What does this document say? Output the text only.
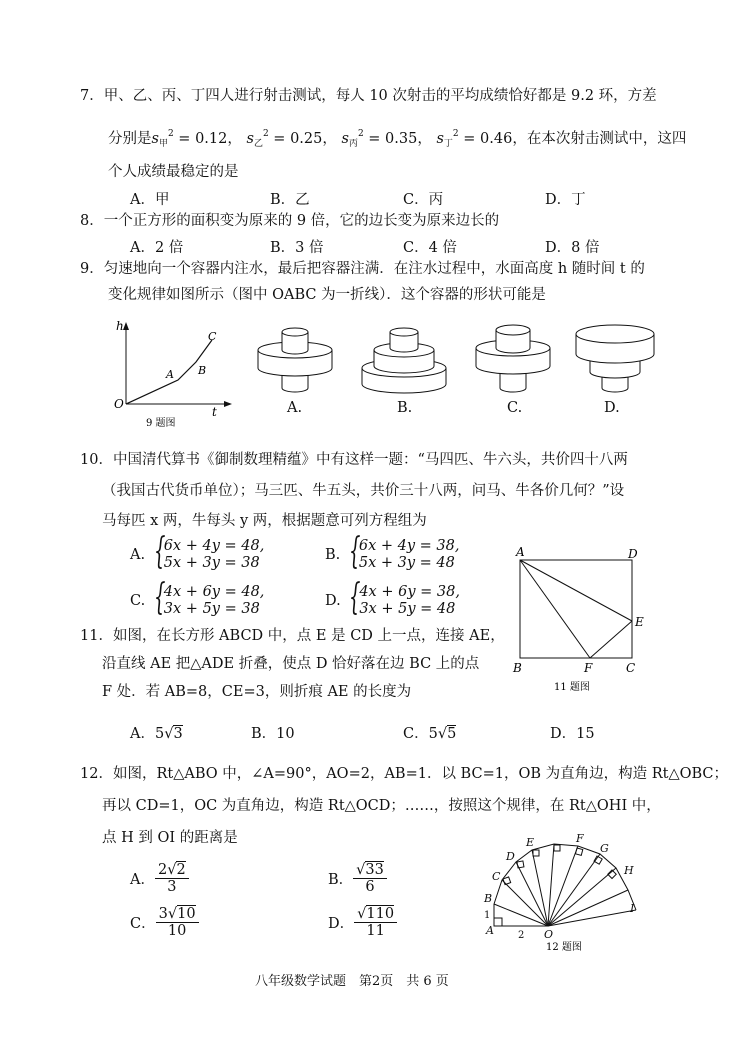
7．甲、乙、丙、丁四人进行射击测试，每人 10 次射击的平均成绩恰好都是 9.2 环，方差
分别是$s_甲^2 = 0.12$， $s_乙^2 = 0.25$， $s_丙^2 = 0.35$， $s_丁^2 = 0.46$，在本次射击测试中，这四
个人成绩最稳定的是
A．甲	B．乙	C．丙	D．丁
8．一个正方形的面积变为原来的 9 倍，它的边长变为原来边长的
A．2 倍	B．3 倍	C．4 倍	D．8 倍
9．匀速地向一个容器内注水，最后把容器注满．在注水过程中，水面高度 h 随时间 t 的
变化规律如图所示（图中 OABC 为一折线）．这个容器的形状可能是
h
t
O
A B
C
9 题图
A.	B.	C.	D.
10．中国清代算书《御制数理精蕴》中有这样一题：“马四匹、牛六头，共价四十八两
（我国古代货币单位）；马三匹、牛五头，共价三十八两，问马、牛各价几何？”设
马每匹 x 两，牛每头 y 两，根据题意可列方程组为
A. {
6x + 4y = 48,
5x + 3y = 38	B. {
6x + 4y = 38,
5x + 3y = 48
C. {
4x + 6y = 48,
3x + 5y = 38	D. {
4x + 6y = 38,
3x + 5y = 48
11．如图，在长方形 ABCD 中，点 E 是 CD 上一点，连接 AE，
沿直线 AE 把△ADE 折叠，使点 D 恰好落在边 BC 上的点
F 处．若 AB=8，CE=3，则折痕 AE 的长度为
A	D
E
B	F	C
11 题图
A．5√3	B．10	C．5√5	D．15
12．如图，Rt△ABO 中，∠A=90°，AO=2，AB=1．以 BC=1，OB 为直角边，构造 Rt△OBC；
再以 CD=1，OC 为直角边，构造 Rt△OCD；……，按照这个规律，在 Rt△OHI 中，
点 H 到 OI 的距离是
A． $\frac{2√2}{3}$	B． $\frac{√33}{6}$
C． $\frac{3√10}{10}$	D． $\frac{√110}{11}$	A
B
C
D
E	F
G
H
I
O
1
2
12 题图
八年级数学试题　第2页　共 6 页
